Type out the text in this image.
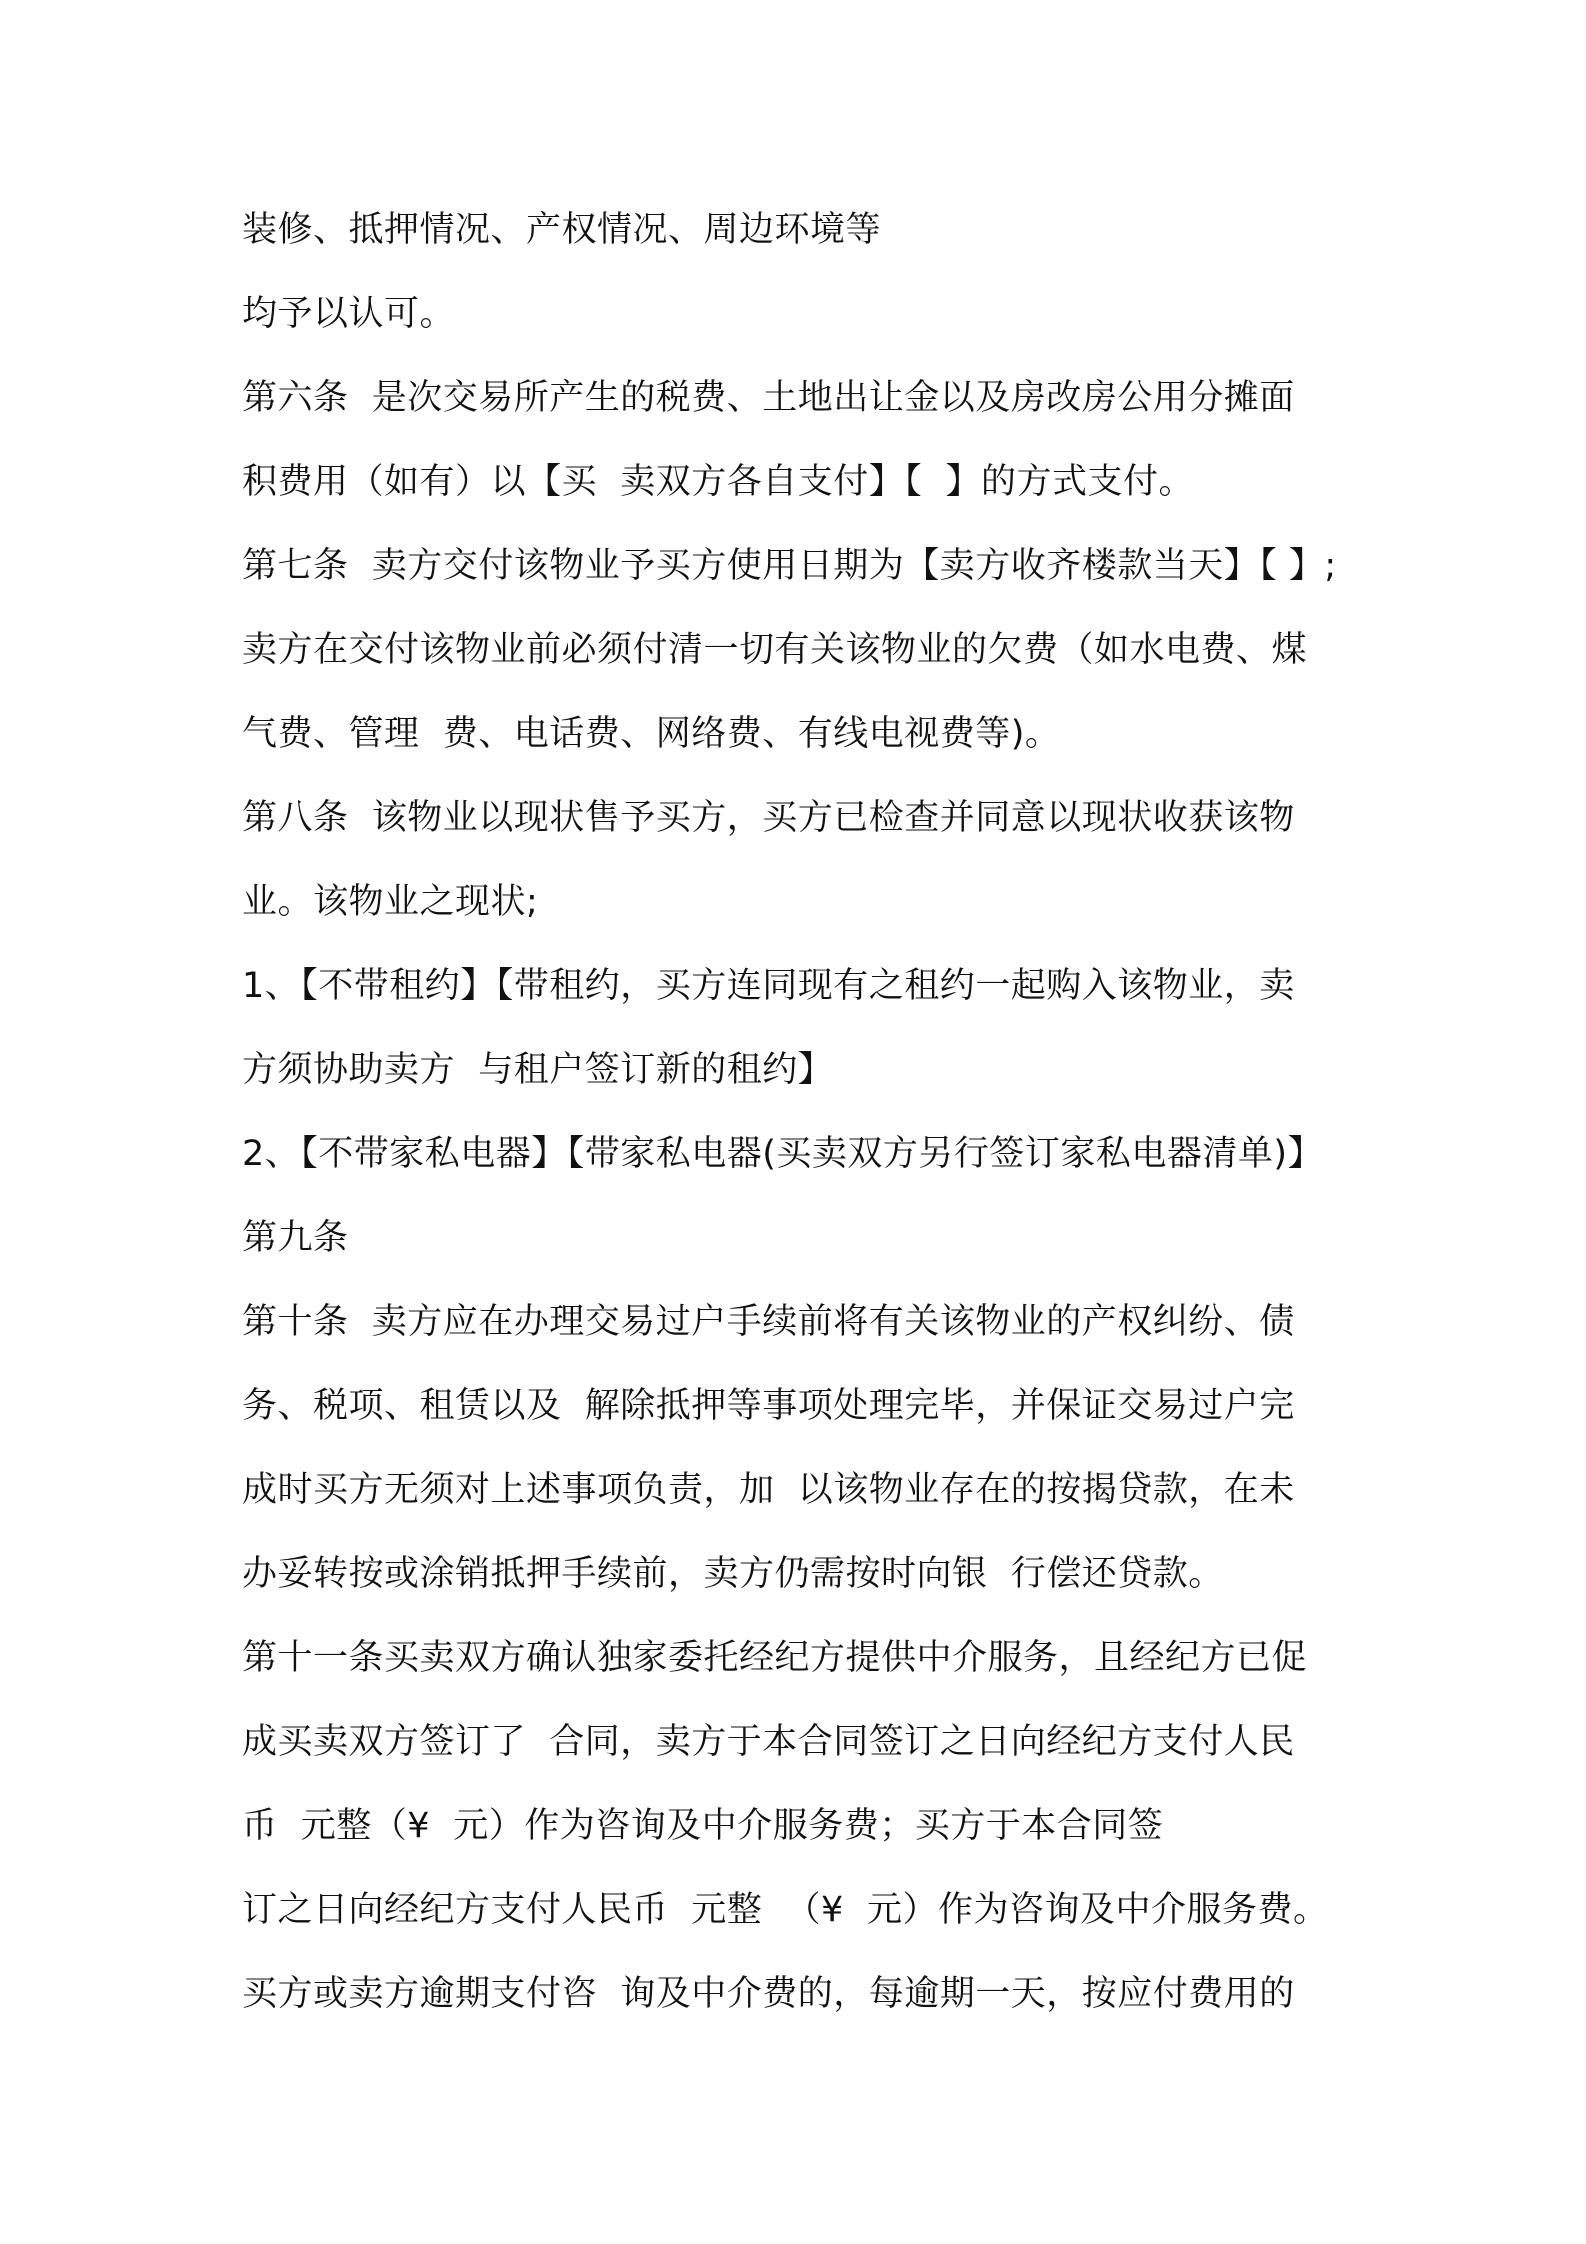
装修、抵押情况、产权情况、周边环境等
均予以认可。
第六条  是次交易所产生的税费、土地出让金以及房改房公用分摊面
积费用（如有）以【买  卖双方各自支付】【  】的方式支付。
第七条  卖方交付该物业予买方使用日期为【卖方收齐楼款当天】【 】;
卖方在交付该物业前必须付清一切有关该物业的欠费（如水电费、煤
气费、管理  费、电话费、网络费、有线电视费等)。
第八条  该物业以现状售予买方，买方已检查并同意以现状收获该物
业。该物业之现状;
1、【不带租约】【带租约，买方连同现有之租约一起购入该物业，卖
方须协助卖方  与租户签订新的租约】
2、【不带家私电器】【带家私电器(买卖双方另行签订家私电器清单)】
第九条
第十条  卖方应在办理交易过户手续前将有关该物业的产权纠纷、债
务、税项、租赁以及  解除抵押等事项处理完毕，并保证交易过户完
成时买方无须对上述事项负责，加  以该物业存在的按揭贷款，在未
办妥转按或涂销抵押手续前，卖方仍需按时向银  行偿还贷款。
第十一条买卖双方确认独家委托经纪方提供中介服务，且经纪方已促
成买卖双方签订了  合同，卖方于本合同签订之日向经纪方支付人民
币  元整（¥  元）作为咨询及中介服务费；买方于本合同签
订之日向经纪方支付人民币  元整  （¥  元）作为咨询及中介服务费。
买方或卖方逾期支付咨  询及中介费的，每逾期一天，按应付费用的
